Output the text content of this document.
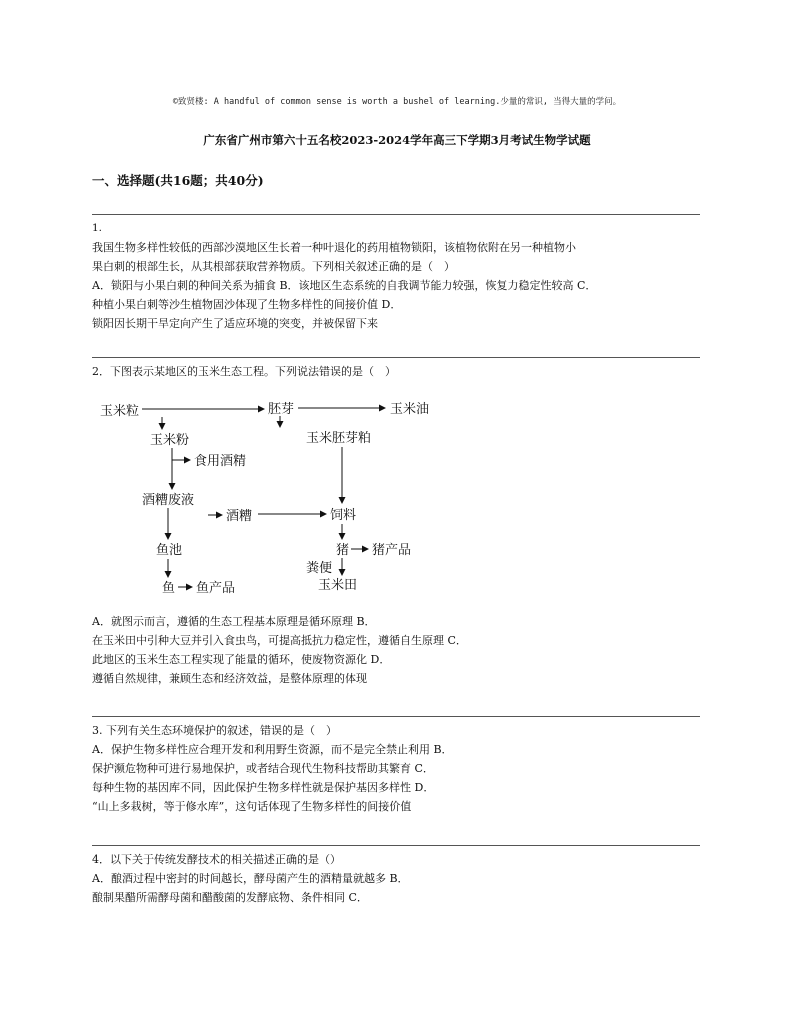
©致贤楼: A handful of common sense is worth a bushel of learning.少量的常识, 当得大量的学问。
广东省广州市第六十五名校2023-2024学年高三下学期3月考试生物学试题
一、选择题(共16题；共40分)
1.
我国生物多样性较低的西部沙漠地区生长着一种叶退化的药用植物锁阳，该植物依附在另一种植物小
果白刺的根部生长，从其根部获取营养物质。下列相关叙述正确的是（　）
A．锁阳与小果白刺的种间关系为捕食 B．该地区生态系统的自我调节能力较强，恢复力稳定性较高 C．
种植小果白刺等沙生植物固沙体现了生物多样性的间接价值 D．
锁阳因长期干旱定向产生了适应环境的突变，并被保留下来
2．下图表示某地区的玉米生态工程。下列说法错误的是（　）
玉米粒	胚芽	玉米油
玉米粉	玉米胚芽粕
食用酒精
酒糟废液
酒糟	饲料
鱼池	猪 猪产品
粪便
玉米田
鱼 鱼产品
A．就图示而言，遵循的生态工程基本原理是循环原理 B．
在玉米田中引种大豆并引入食虫鸟，可提高抵抗力稳定性，遵循自生原理 C．
此地区的玉米生态工程实现了能量的循环，使废物资源化 D．
遵循自然规律，兼顾生态和经济效益，是整体原理的体现
3. 下列有关生态环境保护的叙述，错误的是（　）
A．保护生物多样性应合理开发和利用野生资源，而不是完全禁止利用 B．
保护濒危物种可进行易地保护，或者结合现代生物科技帮助其繁育 C．
每种生物的基因库不同，因此保护生物多样性就是保护基因多样性 D．
“山上多栽树，等于修水库”，这句话体现了生物多样性的间接价值
4．以下关于传统发酵技术的相关描述正确的是（）
A．酿酒过程中密封的时间越长，酵母菌产生的酒精量就越多 B．
酿制果醋所需酵母菌和醋酸菌的发酵底物、条件相同 C．
